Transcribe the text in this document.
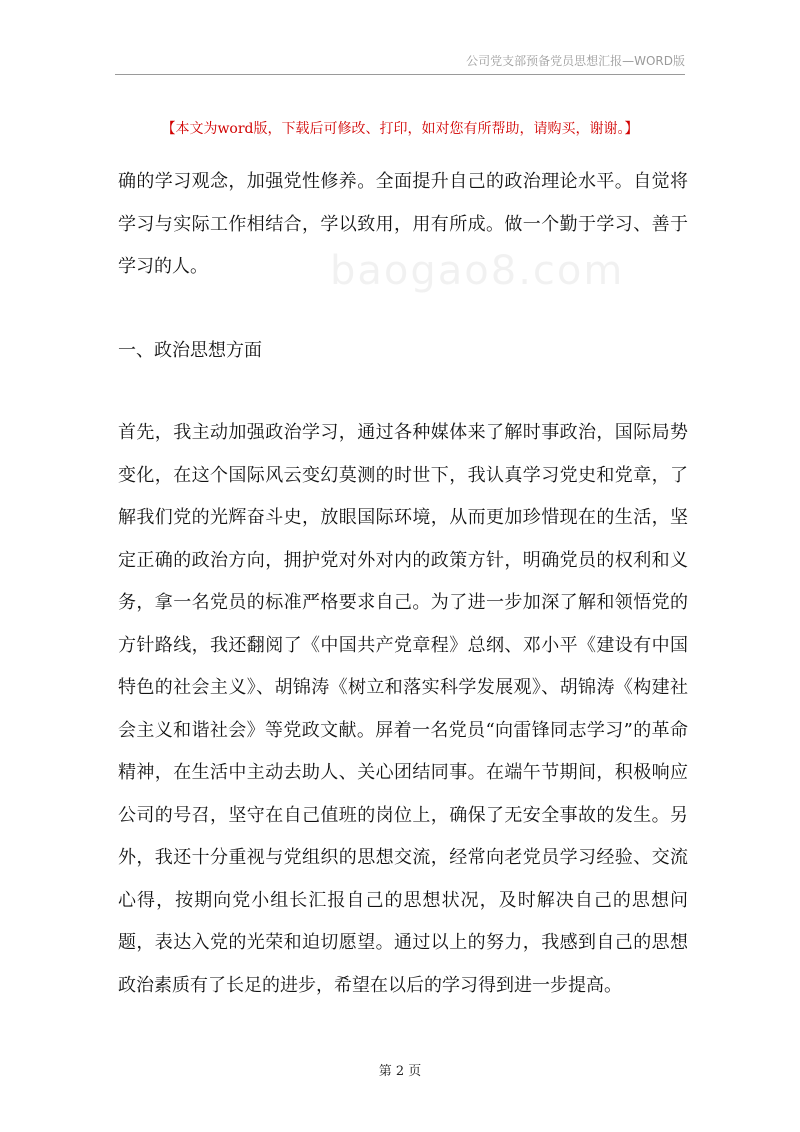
公司党支部预备党员思想汇报—WORD版
【本文为word版，下载后可修改、打印，如对您有所帮助，请购买，谢谢。】
baogao8.com

确的学习观念，加强党性修养。全面提升自己的政治理论水平。自觉将学习与实际工作相结合，学以致用，用有所成。做一个勤于学习、善于学习的人。

一、政治思想方面

首先，我主动加强政治学习，通过各种媒体来了解时事政治，国际局势变化，在这个国际风云变幻莫测的时世下，我认真学习党史和党章，了解我们党的光辉奋斗史，放眼国际环境，从而更加珍惜现在的生活，坚定正确的政治方向，拥护党对外对内的政策方针，明确党员的权利和义务，拿一名党员的标准严格要求自己。为了进一步加深了解和领悟党的方针路线，我还翻阅了《中国共产党章程》总纲、邓小平《建设有中国特色的社会主义》、胡锦涛《树立和落实科学发展观》、胡锦涛《构建社会主义和谐社会》等党政文献。屏着一名党员“向雷锋同志学习”的革命精神，在生活中主动去助人、关心团结同事。在端午节期间，积极响应公司的号召，坚守在自己值班的岗位上，确保了无安全事故的发生。另外，我还十分重视与党组织的思想交流，经常向老党员学习经验、交流心得，按期向党小组长汇报自己的思想状况，及时解决自己的思想问题，表达入党的光荣和迫切愿望。通过以上的努力，我感到自己的思想政治素质有了长足的进步，希望在以后的学习得到进一步提高。

第 2 页
